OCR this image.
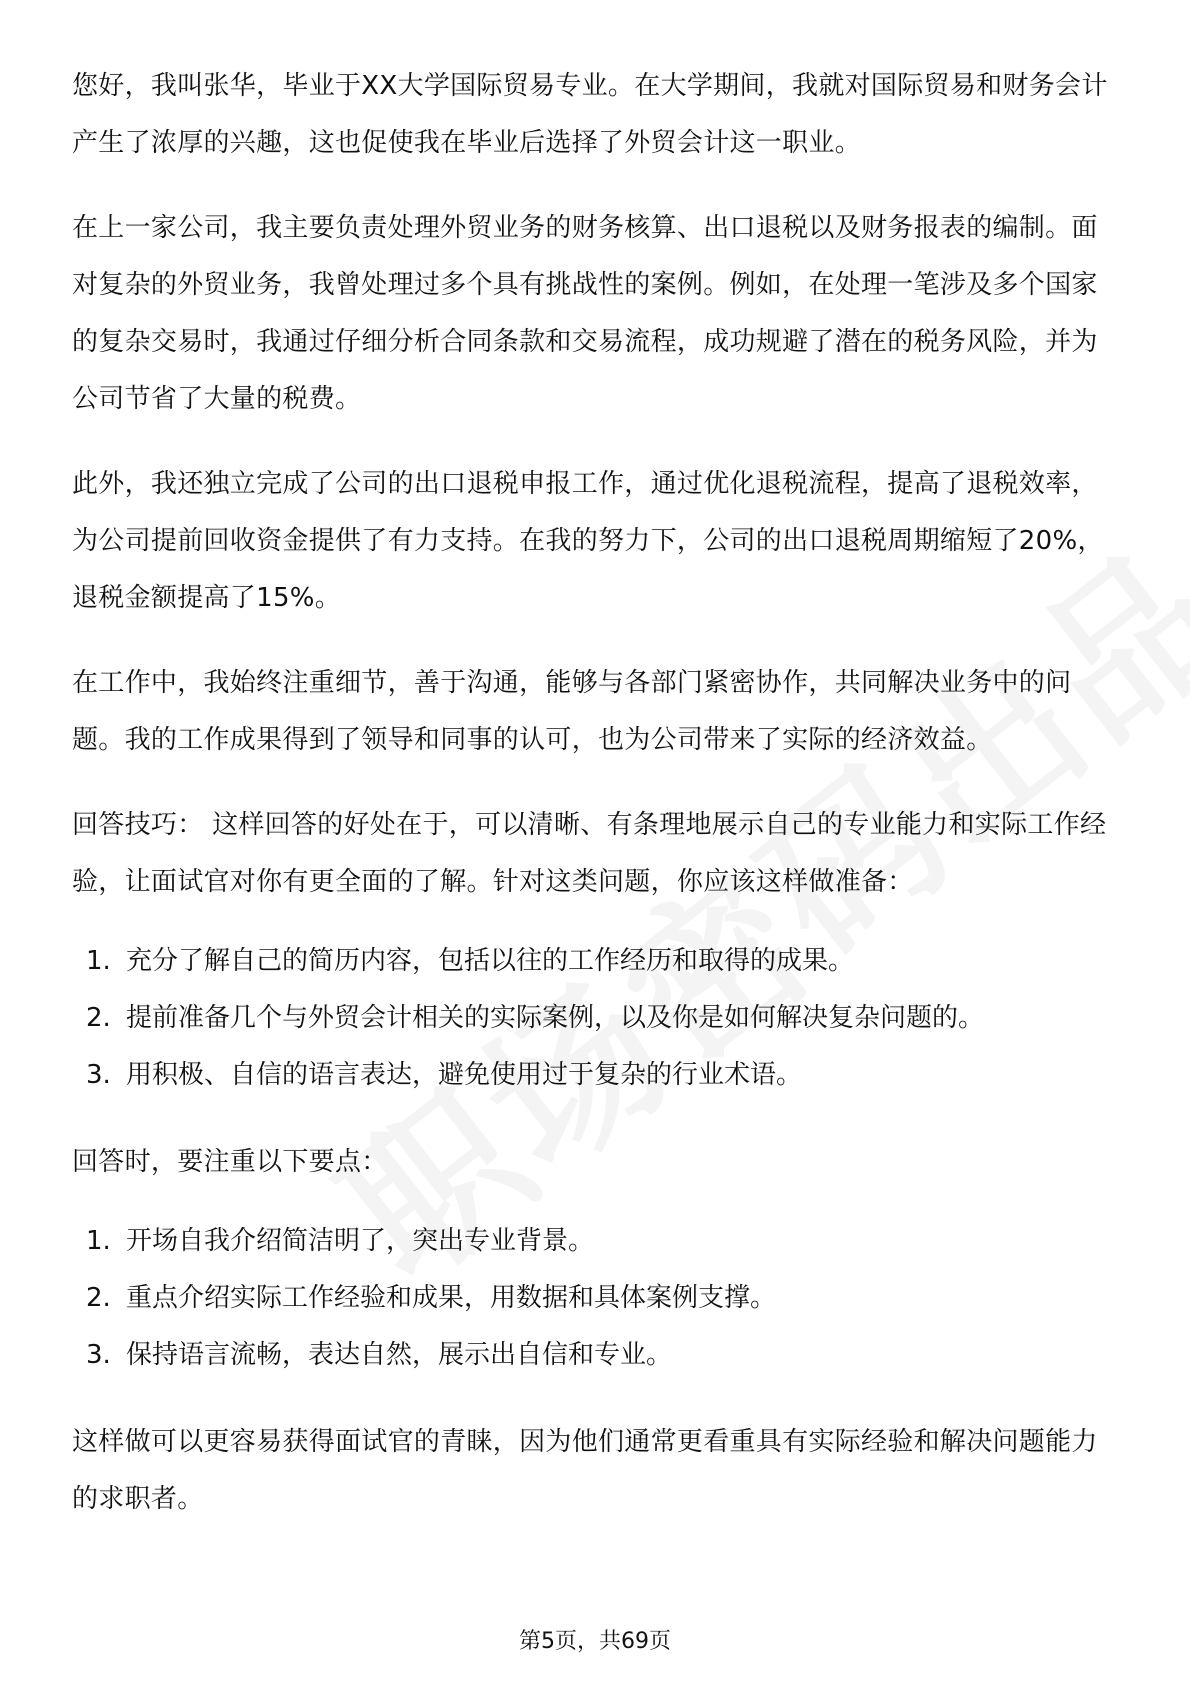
您好，我叫张华，毕业于XX大学国际贸易专业。在大学期间，我就对国际贸易和财务会计产生了浓厚的兴趣，这也促使我在毕业后选择了外贸会计这一职业。

在上一家公司，我主要负责处理外贸业务的财务核算、出口退税以及财务报表的编制。面对复杂的外贸业务，我曾处理过多个具有挑战性的案例。例如，在处理一笔涉及多个国家的复杂交易时，我通过仔细分析合同条款和交易流程，成功规避了潜在的税务风险，并为公司节省了大量的税费。

此外，我还独立完成了公司的出口退税申报工作，通过优化退税流程，提高了退税效率，为公司提前回收资金提供了有力支持。在我的努力下，公司的出口退税周期缩短了20%，退税金额提高了15%。

在工作中，我始终注重细节，善于沟通，能够与各部门紧密协作，共同解决业务中的问题。我的工作成果得到了领导和同事的认可，也为公司带来了实际的经济效益。

回答技巧： 这样回答的好处在于，可以清晰、有条理地展示自己的专业能力和实际工作经验，让面试官对你有更全面的了解。针对这类问题，你应该这样做准备：

1. 充分了解自己的简历内容，包括以往的工作经历和取得的成果。
2. 提前准备几个与外贸会计相关的实际案例，以及你是如何解决复杂问题的。
3. 用积极、自信的语言表达，避免使用过于复杂的行业术语。

回答时，要注重以下要点：

1. 开场自我介绍简洁明了，突出专业背景。
2. 重点介绍实际工作经验和成果，用数据和具体案例支撑。
3. 保持语言流畅，表达自然，展示出自信和专业。

这样做可以更容易获得面试官的青睐，因为他们通常更看重具有实际经验和解决问题能力的求职者。

第5页，共69页
